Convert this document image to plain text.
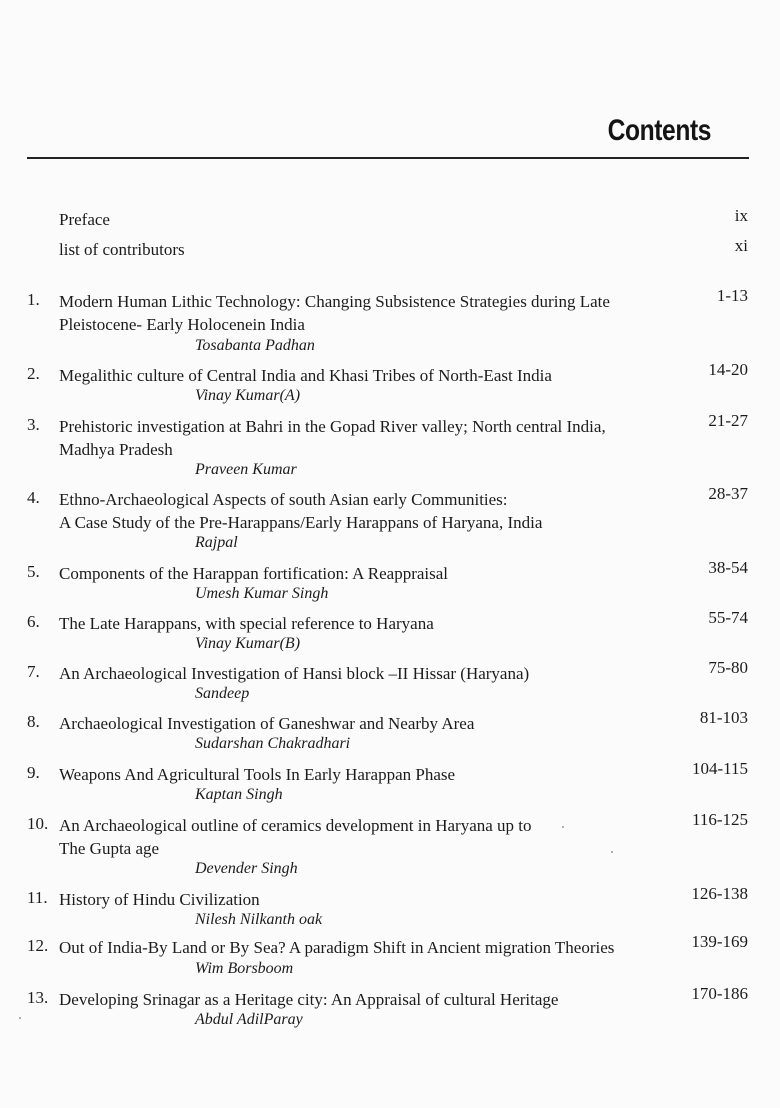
Contents
Preface	ix
list of contributors	xi
1. Modern Human Lithic Technology: Changing Subsistence Strategies during Late
Pleistocene- Early Holocenein India
Tosabanta Padhan
1-13
2. Megalithic culture of Central India and Khasi Tribes of North-East India
Vinay Kumar(A)
14-20
3. Prehistoric investigation at Bahri in the Gopad River valley; North central India,
Madhya Pradesh
Praveen Kumar
21-27
4. Ethno-Archaeological Aspects of south Asian early Communities:
A Case Study of the Pre-Harappans/Early Harappans of Haryana, India
Rajpal
28-37
5. Components of the Harappan fortification: A Reappraisal
Umesh Kumar Singh
38-54
6. The Late Harappans, with special reference to Haryana
Vinay Kumar(B)
55-74
7. An Archaeological Investigation of Hansi block –II Hissar (Haryana)
Sandeep
75-80
8. Archaeological Investigation of Ganeshwar and Nearby Area
Sudarshan Chakradhari
81-103
9. Weapons And Agricultural Tools In Early Harappan Phase
Kaptan Singh
104-115
10. An Archaeological outline of ceramics development in Haryana up to
The Gupta age
Devender Singh
116-125
11. History of Hindu Civilization
Nilesh Nilkanth oak
126-138
12. Out of India-By Land or By Sea? A paradigm Shift in Ancient migration Theories
Wim Borsboom
139-169
13. Developing Srinagar as a Heritage city: An Appraisal of cultural Heritage
Abdul AdilParay
170-186
